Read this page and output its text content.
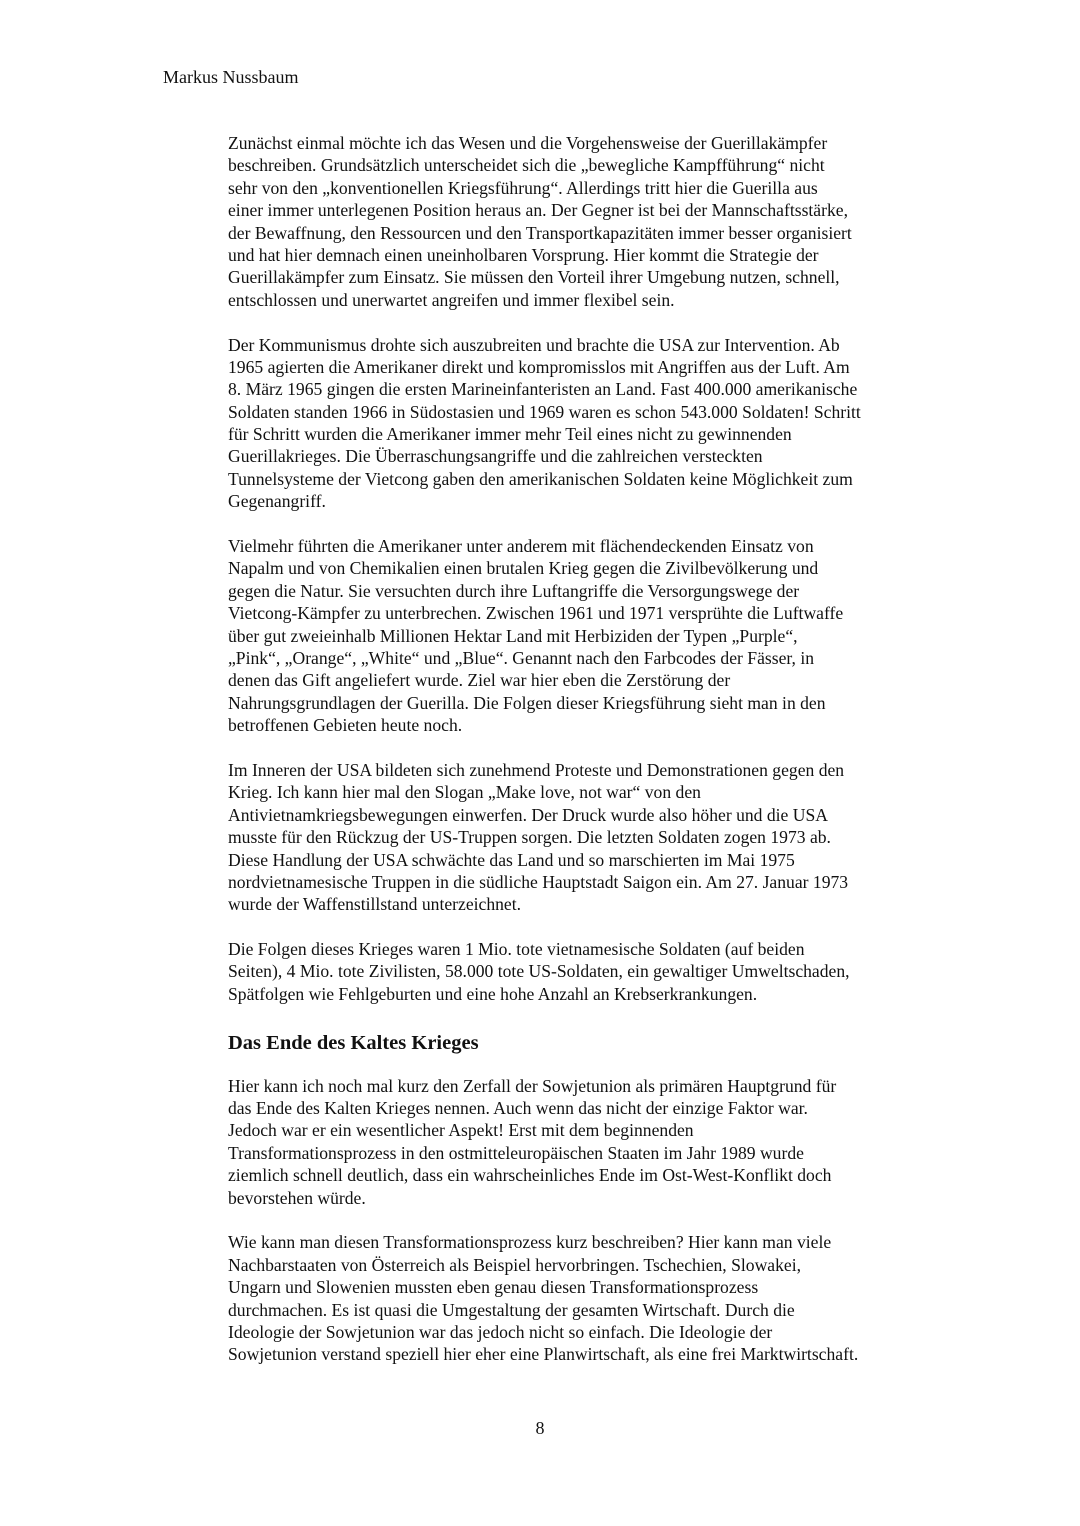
Markus Nussbaum
Zunächst einmal möchte ich das Wesen und die Vorgehensweise der Guerillakämpfer
beschreiben. Grundsätzlich unterscheidet sich die „bewegliche Kampfführung“ nicht
sehr von den „konventionellen Kriegsführung“. Allerdings tritt hier die Guerilla aus
einer immer unterlegenen Position heraus an. Der Gegner ist bei der Mannschaftsstärke,
der Bewaffnung, den Ressourcen und den Transportkapazitäten immer besser organisiert
und hat hier demnach einen uneinholbaren Vorsprung. Hier kommt die Strategie der
Guerillakämpfer zum Einsatz. Sie müssen den Vorteil ihrer Umgebung nutzen, schnell,
entschlossen und unerwartet angreifen und immer flexibel sein.
Der Kommunismus drohte sich auszubreiten und brachte die USA zur Intervention. Ab
1965 agierten die Amerikaner direkt und kompromisslos mit Angriffen aus der Luft. Am
8. März 1965 gingen die ersten Marineinfanteristen an Land. Fast 400.000 amerikanische
Soldaten standen 1966 in Südostasien und 1969 waren es schon 543.000 Soldaten! Schritt
für Schritt wurden die Amerikaner immer mehr Teil eines nicht zu gewinnenden
Guerillakrieges. Die Überraschungsangriffe und die zahlreichen versteckten
Tunnelsysteme der Vietcong gaben den amerikanischen Soldaten keine Möglichkeit zum
Gegenangriff.
Vielmehr führten die Amerikaner unter anderem mit flächendeckenden Einsatz von
Napalm und von Chemikalien einen brutalen Krieg gegen die Zivilbevölkerung und
gegen die Natur. Sie versuchten durch ihre Luftangriffe die Versorgungswege der
Vietcong-Kämpfer zu unterbrechen. Zwischen 1961 und 1971 versprühte die Luftwaffe
über gut zweieinhalb Millionen Hektar Land mit Herbiziden der Typen „Purple“,
„Pink“, „Orange“, „White“ und „Blue“. Genannt nach den Farbcodes der Fässer, in
denen das Gift angeliefert wurde. Ziel war hier eben die Zerstörung der
Nahrungsgrundlagen der Guerilla. Die Folgen dieser Kriegsführung sieht man in den
betroffenen Gebieten heute noch.
Im Inneren der USA bildeten sich zunehmend Proteste und Demonstrationen gegen den
Krieg. Ich kann hier mal den Slogan „Make love, not war“ von den
Antivietnamkriegsbewegungen einwerfen. Der Druck wurde also höher und die USA
musste für den Rückzug der US-Truppen sorgen. Die letzten Soldaten zogen 1973 ab.
Diese Handlung der USA schwächte das Land und so marschierten im Mai 1975
nordvietnamesische Truppen in die südliche Hauptstadt Saigon ein. Am 27. Januar 1973
wurde der Waffenstillstand unterzeichnet.
Die Folgen dieses Krieges waren 1 Mio. tote vietnamesische Soldaten (auf beiden
Seiten), 4 Mio. tote Zivilisten, 58.000 tote US-Soldaten, ein gewaltiger Umweltschaden,
Spätfolgen wie Fehlgeburten und eine hohe Anzahl an Krebserkrankungen.
Das Ende des Kaltes Krieges
Hier kann ich noch mal kurz den Zerfall der Sowjetunion als primären Hauptgrund für
das Ende des Kalten Krieges nennen. Auch wenn das nicht der einzige Faktor war.
Jedoch war er ein wesentlicher Aspekt! Erst mit dem beginnenden
Transformationsprozess in den ostmitteleuropäischen Staaten im Jahr 1989 wurde
ziemlich schnell deutlich, dass ein wahrscheinliches Ende im Ost-West-Konflikt doch
bevorstehen würde.
Wie kann man diesen Transformationsprozess kurz beschreiben? Hier kann man viele
Nachbarstaaten von Österreich als Beispiel hervorbringen. Tschechien, Slowakei,
Ungarn und Slowenien mussten eben genau diesen Transformationsprozess
durchmachen. Es ist quasi die Umgestaltung der gesamten Wirtschaft. Durch die
Ideologie der Sowjetunion war das jedoch nicht so einfach. Die Ideologie der
Sowjetunion verstand speziell hier eher eine Planwirtschaft, als eine frei Marktwirtschaft.
8
